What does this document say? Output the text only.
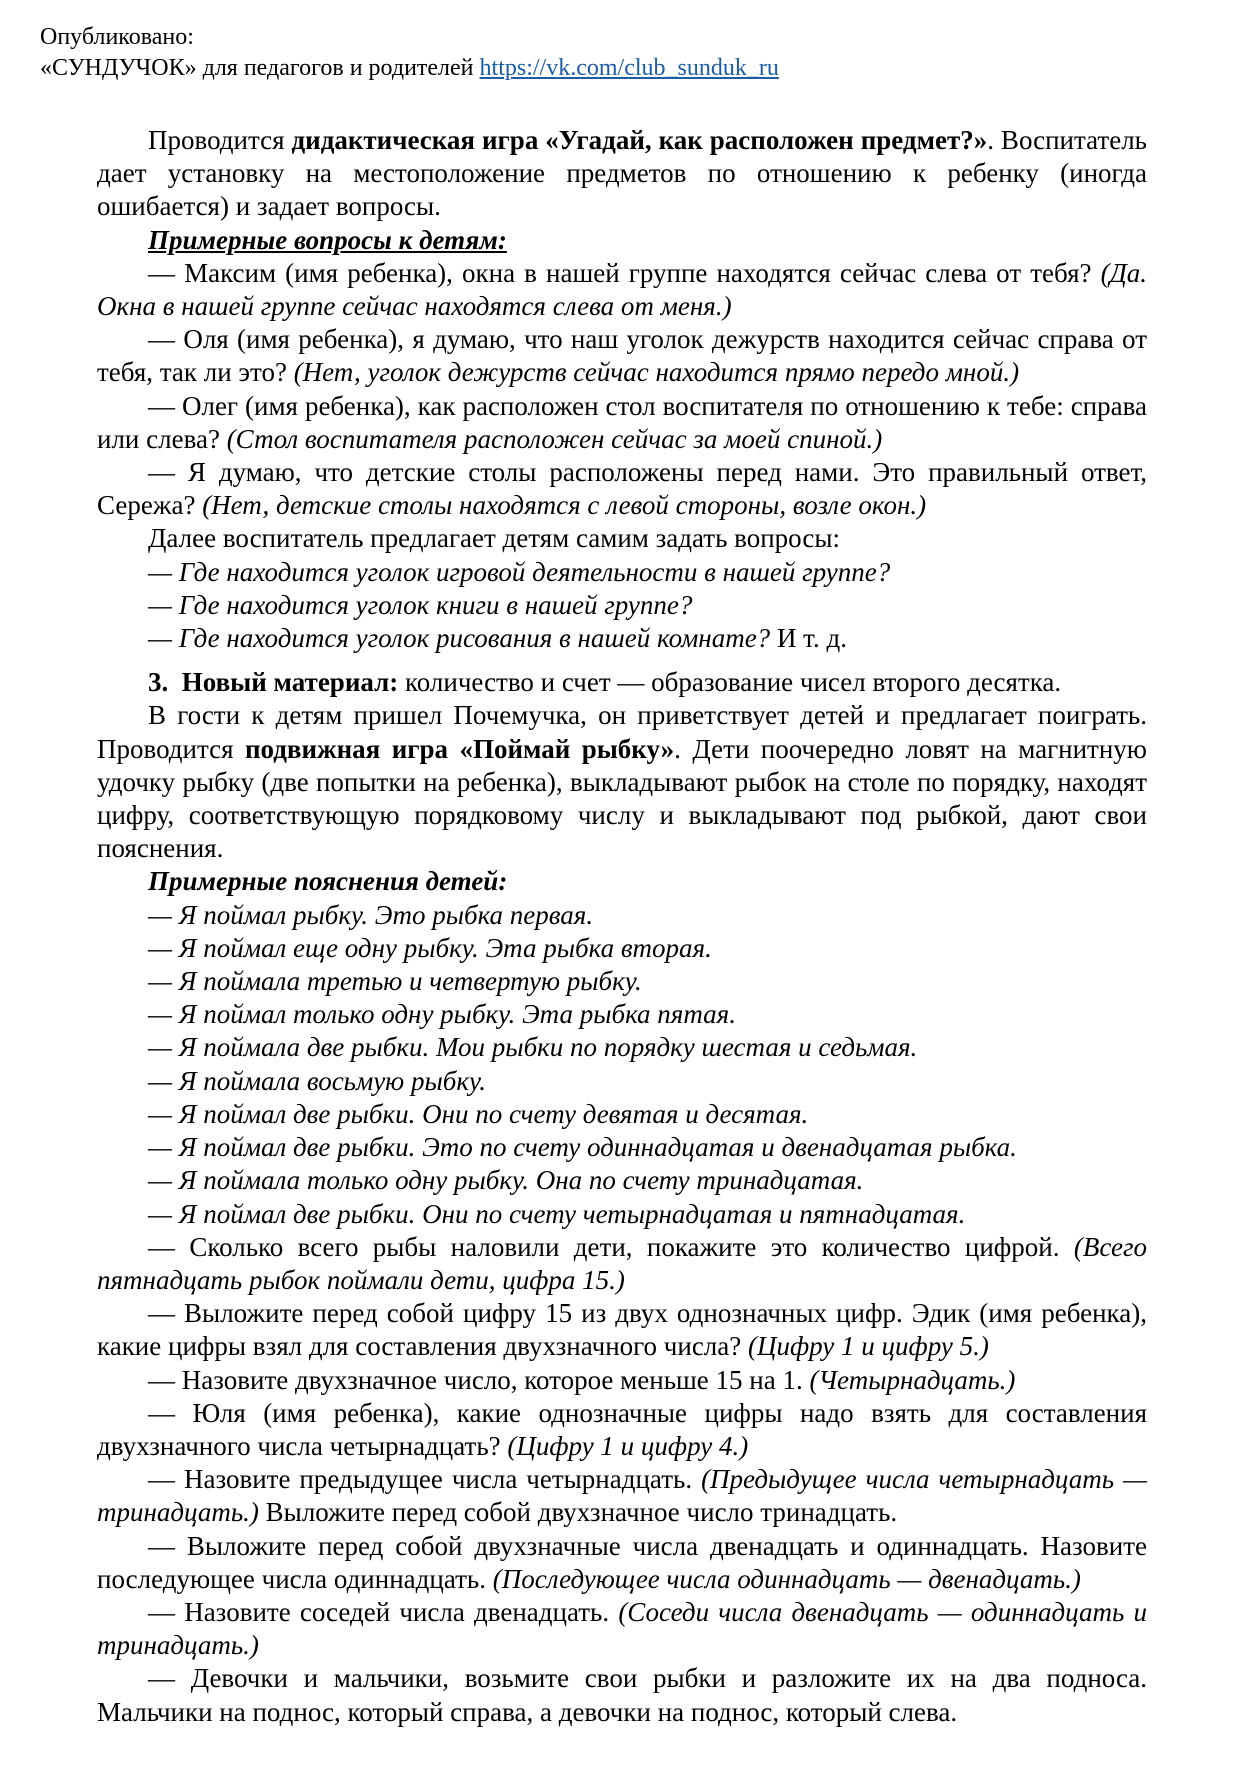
Опубликовано:
«СУНДУЧОК» для педагогов и родителей https://vk.com/club_sunduk_ru

Проводится дидактическая игра «Угадай, как расположен предмет?». Воспитатель дает установку на местоположение предметов по отношению к ребенку (иногда ошибается) и задает вопросы.

Примерные вопросы к детям:

— Максим (имя ребенка), окна в нашей группе находятся сейчас слева от тебя? (Да. Окна в нашей группе сейчас находятся слева от меня.)

— Оля (имя ребенка), я думаю, что наш уголок дежурств находится сейчас справа от тебя, так ли это? (Нет, уголок дежурств сейчас находится прямо передо мной.)

— Олег (имя ребенка), как расположен стол воспитателя по отношению к тебе: справа или слева? (Стол воспитателя расположен сейчас за моей спиной.)

— Я думаю, что детские столы расположены перед нами. Это правильный ответ, Сережа? (Нет, детские столы находятся с левой стороны, возле окон.)

Далее воспитатель предлагает детям самим задать вопросы:

— Где находится уголок игровой деятельности в нашей группе?

— Где находится уголок книги в нашей группе?

— Где находится уголок рисования в нашей комнате? И т. д.

3.  Новый материал: количество и счет — образование чисел второго десятка.

В гости к детям пришел Почемучка, он приветствует детей и предлагает поиграть. Проводится подвижная игра «Поймай рыбку». Дети поочередно ловят на магнитную удочку рыбку (две попытки на ребенка), выкладывают рыбок на столе по порядку, находят цифру, соответствующую порядковому числу и выкладывают под рыбкой, дают свои пояснения.

Примерные пояснения детей:

— Я поймал рыбку. Это рыбка первая.

— Я поймал еще одну рыбку. Эта рыбка вторая.

— Я поймала третью и четвертую рыбку.

— Я поймал только одну рыбку. Эта рыбка пятая.

— Я поймала две рыбки. Мои рыбки по порядку шестая и седьмая.

— Я поймала восьмую рыбку.

— Я поймал две рыбки. Они по счету девятая и десятая.

— Я поймал две рыбки. Это по счету одиннадцатая и двенадцатая рыбка.

— Я поймала только одну рыбку. Она по счету тринадцатая.

— Я поймал две рыбки. Они по счету четырнадцатая и пятнадцатая.

— Сколько всего рыбы наловили дети, покажите это количество цифрой. (Всего пятнадцать рыбок поймали дети, цифра 15.)

— Выложите перед собой цифру 15 из двух однозначных цифр. Эдик (имя ребенка), какие цифры взял для составления двухзначного числа? (Цифру 1 и цифру 5.)

— Назовите двухзначное число, которое меньше 15 на 1. (Четырнадцать.)

— Юля (имя ребенка), какие однозначные цифры надо взять для составления двухзначного числа четырнадцать? (Цифру 1 и цифру 4.)

— Назовите предыдущее числа четырнадцать. (Предыдущее числа четырнадцать — тринадцать.) Выложите перед собой двухзначное число тринадцать.

— Выложите перед собой двухзначные числа двенадцать и одиннадцать. Назовите последующее числа одиннадцать. (Последующее числа одиннадцать — двенадцать.)

— Назовите соседей числа двенадцать. (Соседи числа двенадцать — одиннадцать и тринадцать.)

— Девочки и мальчики, возьмите свои рыбки и разложите их на два подноса. Мальчики на поднос, который справа, а девочки на поднос, который слева.
